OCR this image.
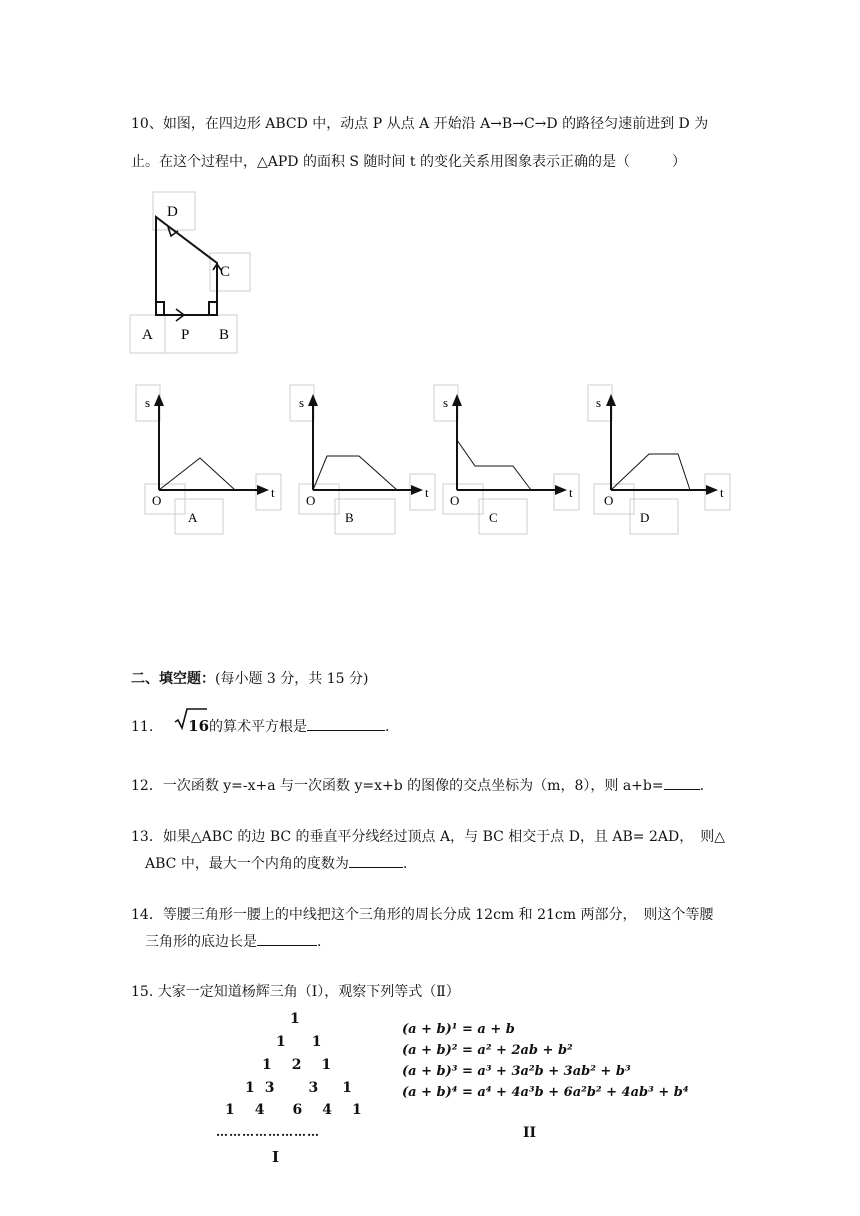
10、如图，在四边形 ABCD 中，动点 P 从点 A 开始沿 A→B→C→D 的路径匀速前进到 D 为
止。在这个过程中，△APD 的面积 S 随时间 t 的变化关系用图象表示正确的是（　　　）
D
C
A P B
s
t
O
A
s
t
O
B
s
t
O
C
s
t
O
D
二、填空题：(每小题 3 分，共 15 分)
11. 16的算术平方根是	.
12．一次函数 y=-x+a 与一次函数 y=x+b 的图像的交点坐标为（m，8），则 a+b=	.
13．如果△ABC 的边 BC 的垂直平分线经过顶点 A，与 BC 相交于点 D，且 AB= 2AD，　则△
ABC 中，最大一个内角的度数为	.
14．等腰三角形一腰上的中线把这个三角形的周长分成 12cm 和 21cm 两部分，　则这个等腰
三角形的底边长是	.
15. 大家一定知道杨辉三角（Ⅰ），观察下列等式（Ⅱ）
1
1 1
1 2 1
1 3 3 1
1 4 6 4 1
……………………
I
(a + b)¹ = a + b
(a + b)² = a² + 2ab + b²
(a + b)³ = a³ + 3a²b + 3ab² + b³
(a + b)⁴ = a⁴ + 4a³b + 6a²b² + 4ab³ + b⁴
II
